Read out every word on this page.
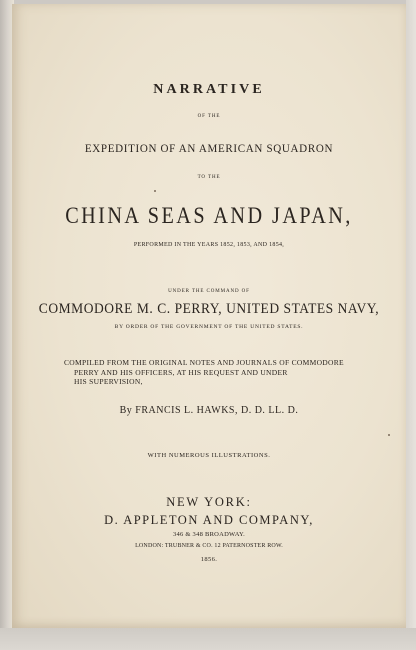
NARRATIVE
OF THE
EXPEDITION OF AN AMERICAN SQUADRON
TO THE
CHINA SEAS AND JAPAN,
PERFORMED IN THE YEARS 1852, 1853, AND 1854,
UNDER THE COMMAND OF
COMMODORE M. C. PERRY, UNITED STATES NAVY,
BY ORDER OF THE GOVERNMENT OF THE UNITED STATES.
COMPILED FROM THE ORIGINAL NOTES AND JOURNALS OF COMMODORE
PERRY AND HIS OFFICERS, AT HIS REQUEST AND UNDER
HIS SUPERVISION,
By FRANCIS L. HAWKS, D. D. LL. D.
WITH NUMEROUS ILLUSTRATIONS.
NEW YORK:
D. APPLETON AND COMPANY,
346 & 348 BROADWAY.
LONDON: TRUBNER & CO. 12 PATERNOSTER ROW.
1856.
